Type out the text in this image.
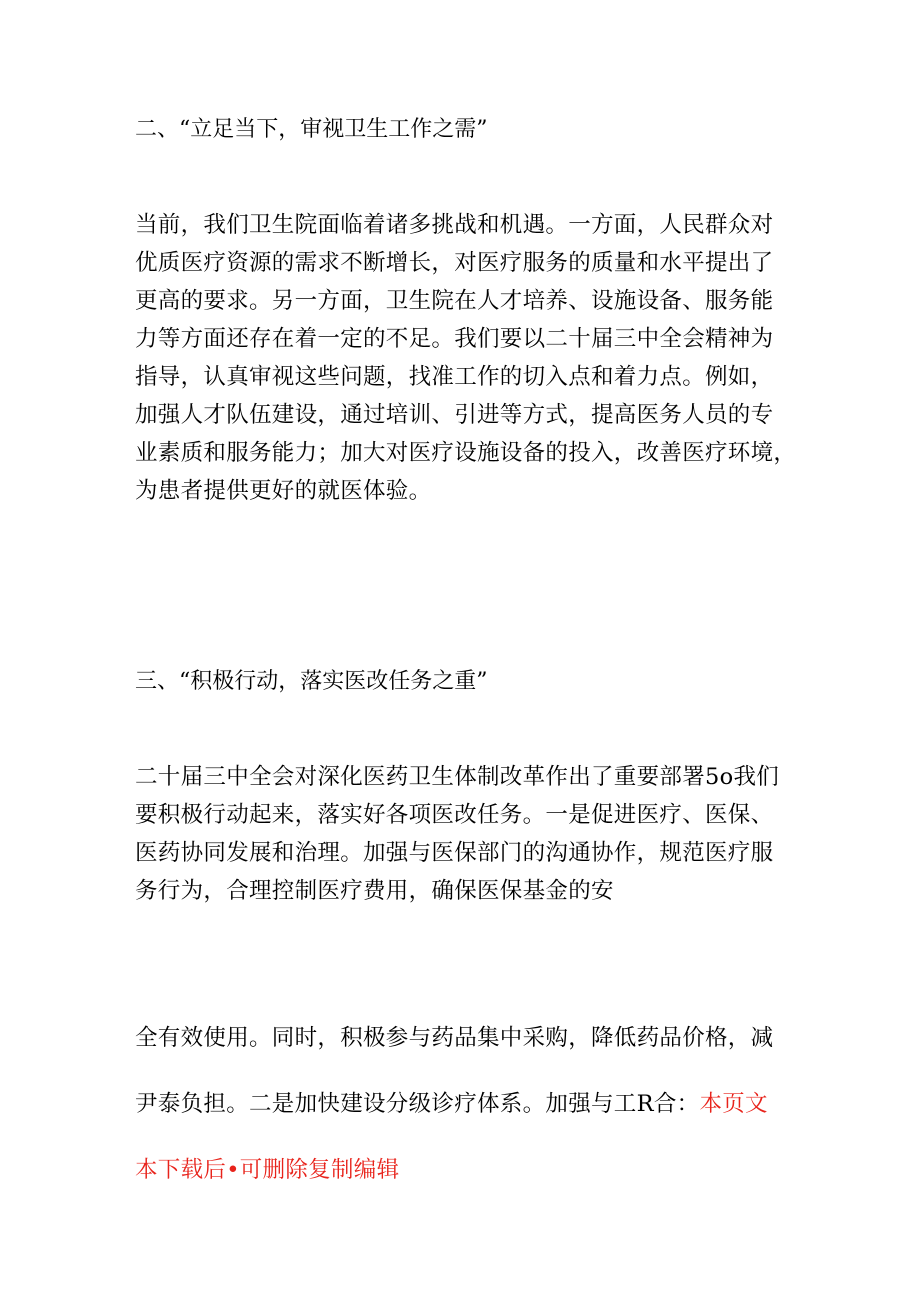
二、“立足当下，审视卫生工作之需”
当前，我们卫生院面临着诸多挑战和机遇。一方面，人民群众对
优质医疗资源的需求不断增长，对医疗服务的质量和水平提出了
更高的要求。另一方面，卫生院在人才培养、设施设备、服务能
力等方面还存在着一定的不足。我们要以二十届三中全会精神为
指导，认真审视这些问题，找准工作的切入点和着力点。例如，
加强人才队伍建设，通过培训、引进等方式，提高医务人员的专
业素质和服务能力；加大对医疗设施设备的投入，改善医疗环境，
为患者提供更好的就医体验。
三、“积极行动，落实医改任务之重”
二十届三中全会对深化医药卫生体制改革作出了重要部署5o我们
要积极行动起来，落实好各项医改任务。一是促进医疗、医保、
医药协同发展和治理。加强与医保部门的沟通协作，规范医疗服
务行为，合理控制医疗费用，确保医保基金的安
全有效使用。同时，积极参与药品集中采购，降低药品价格，减
尹泰负担。二是加快建设分级诊疗体系。加强与工R合：本页文
本下载后•可删除复制编辑
